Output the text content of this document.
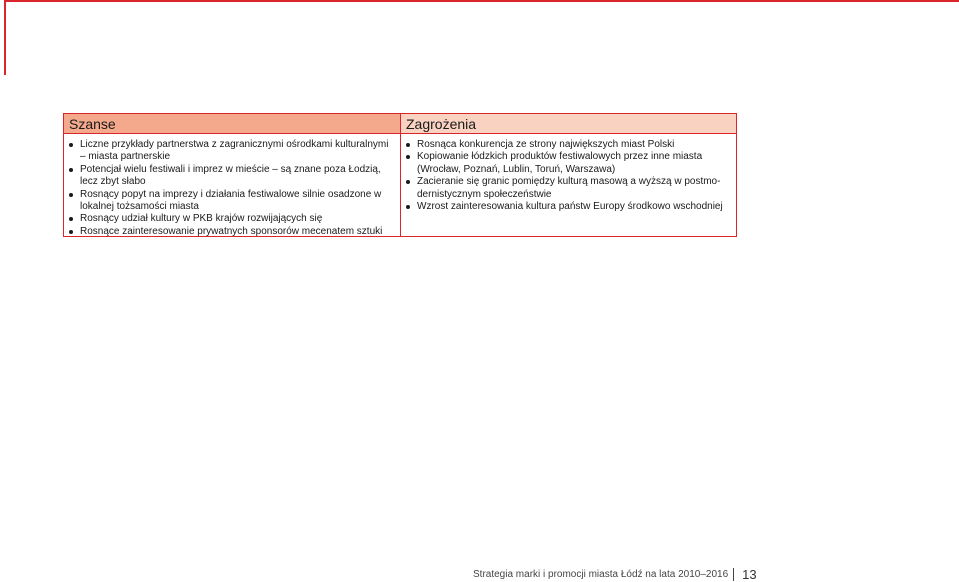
Szanse
Liczne przykłady partnerstwa z zagranicznymi ośrodkami kulturalnymi – miasta partnerskie
Potencjał wielu festiwali i imprez w mieście – są znane poza Łodzią, lecz zbyt słabo
Rosnący popyt na imprezy i działania festiwalowe silnie osadzone w lokalnej tożsamości miasta
Rosnący udział kultury w PKB krajów rozwijających się
Rosnące zainteresowanie prywatnych sponsorów mecenatem sztuki
Zagrożenia
Rosnąca konkurencja ze strony największych miast Polski
Kopiowanie łódzkich produktów festiwalowych przez inne miasta (Wrocław, Poznań, Lublin, Toruń, Warszawa)
Zacieranie się granic pomiędzy kulturą masową a wyższą w postmo- dernistycznym społeczeństwie
Wzrost zainteresowania kultura państw Europy środkowo wschodniej
Strategia marki i promocji miasta Łódź na lata 2010–2016 13
